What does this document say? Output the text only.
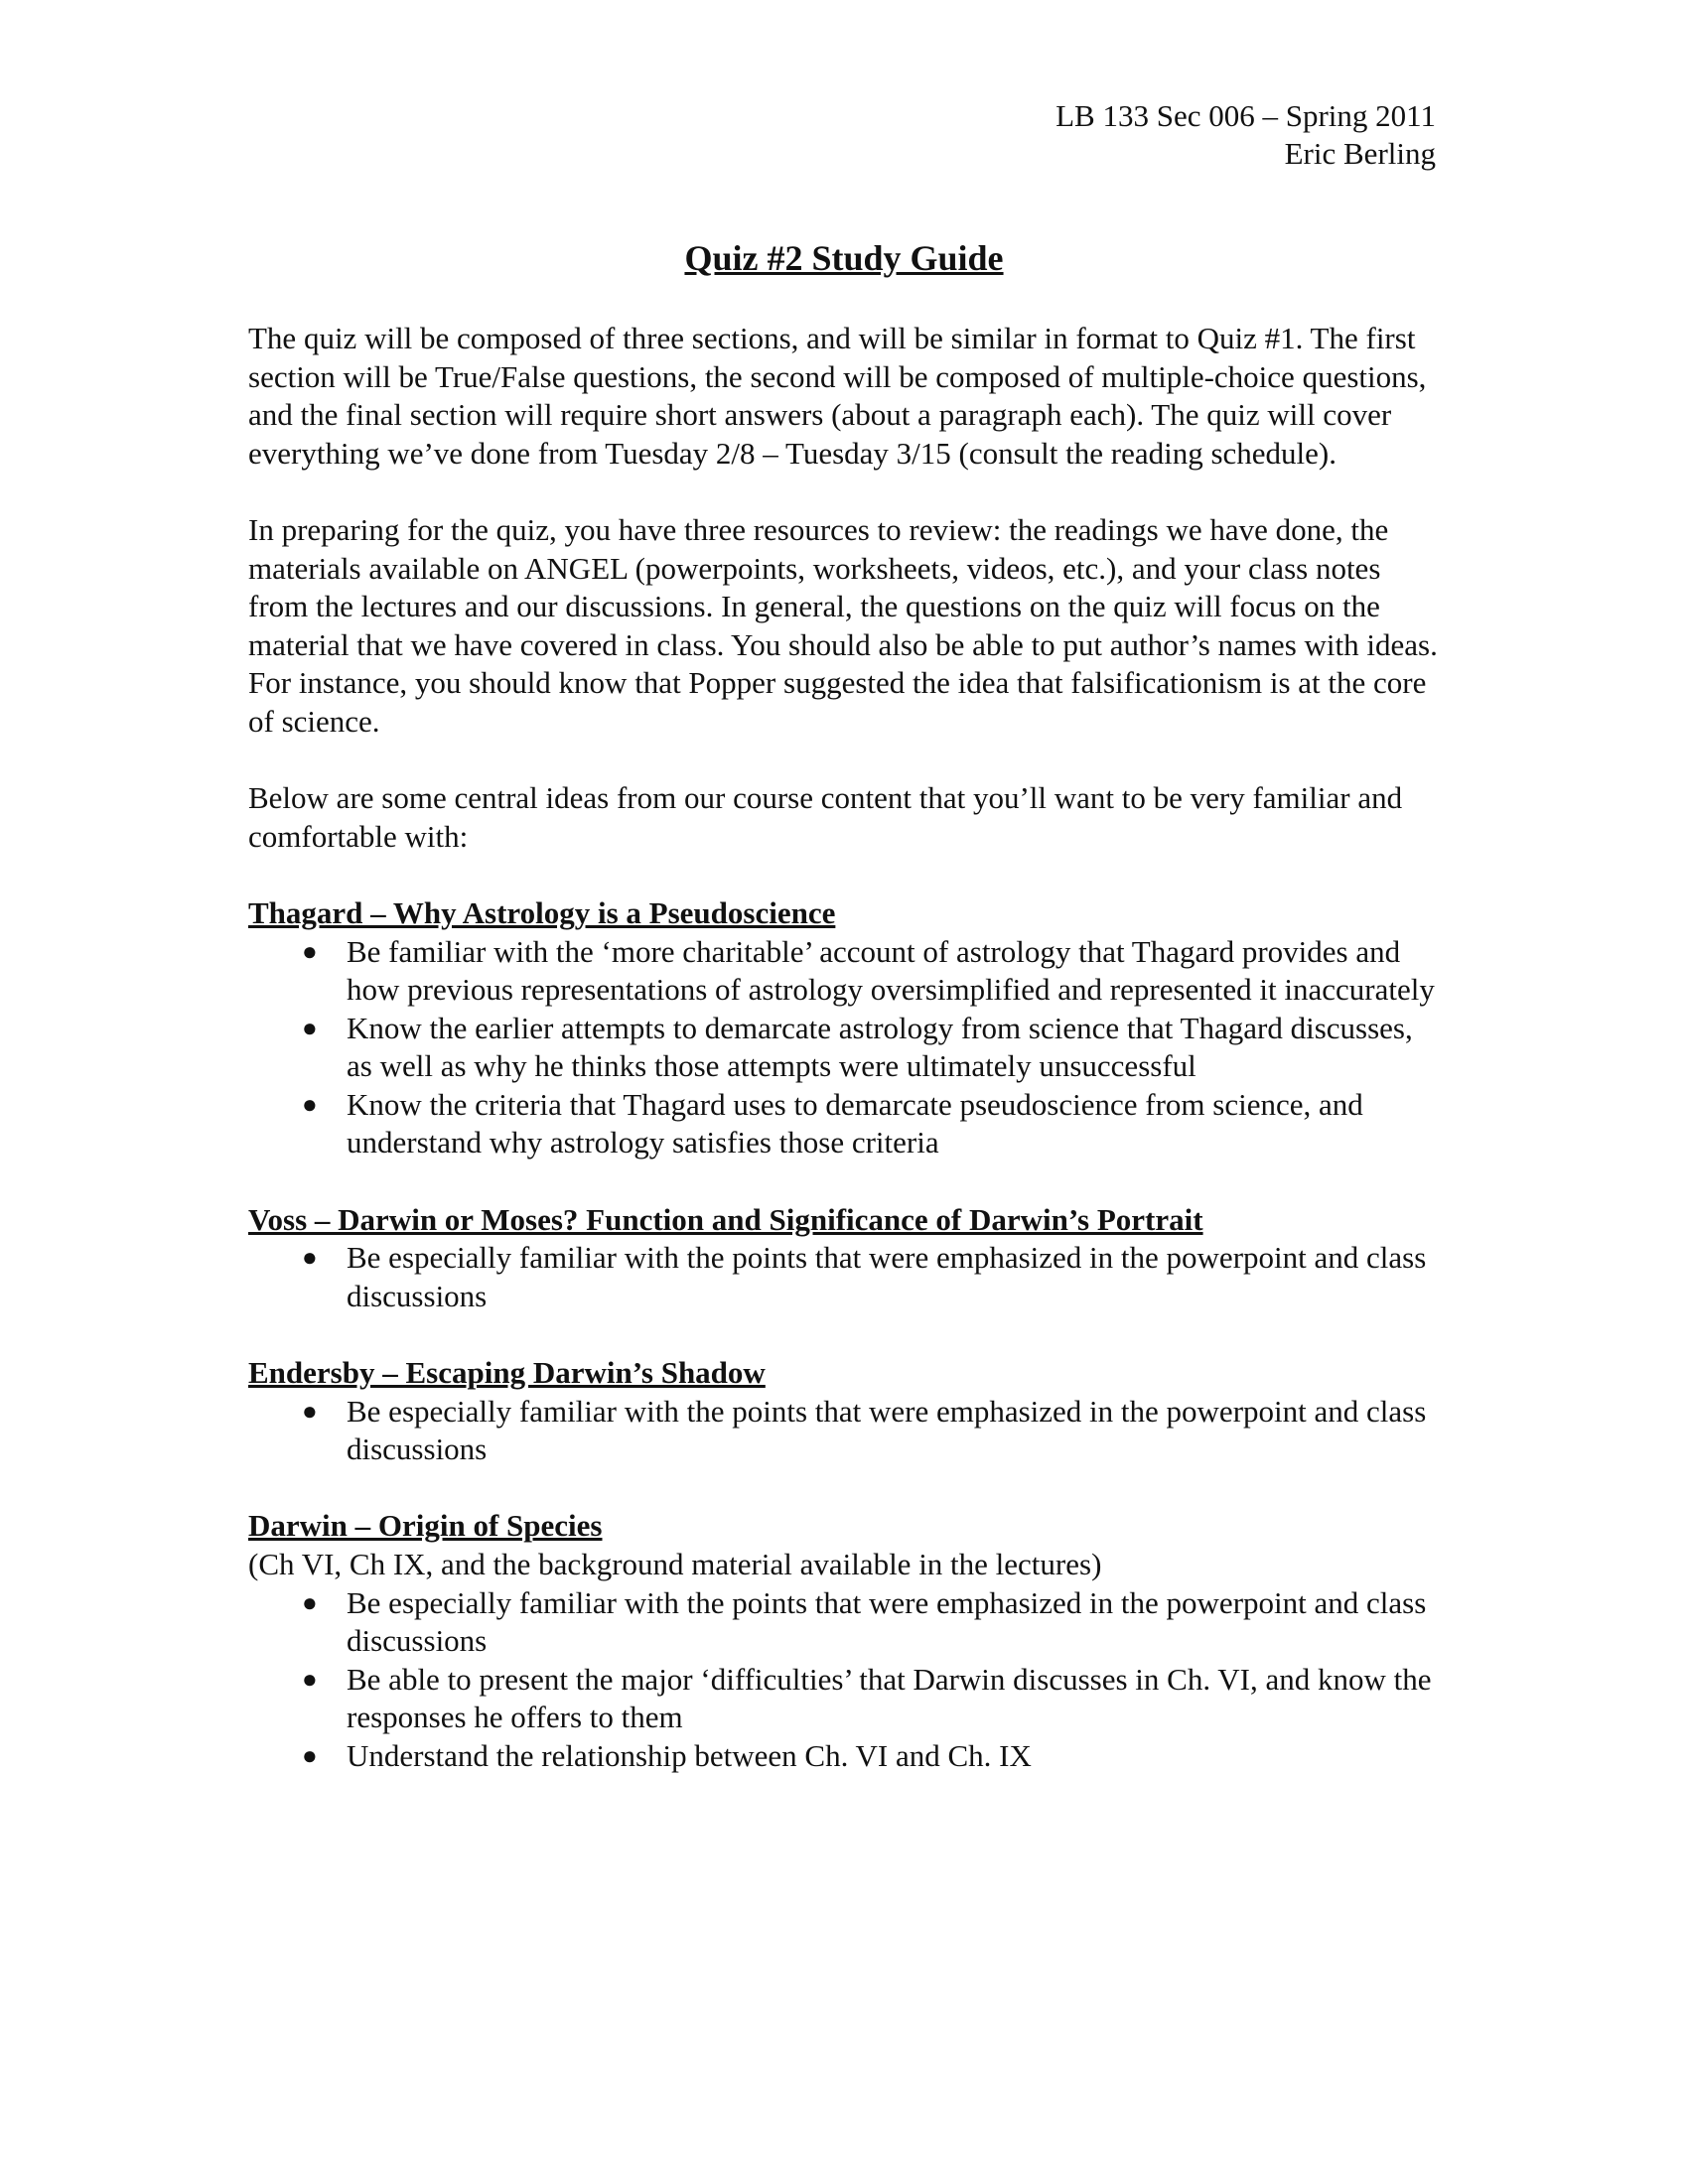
LB 133 Sec 006 – Spring 2011
Eric Berling
Quiz #2 Study Guide

The quiz will be composed of three sections, and will be similar in format to Quiz #1. The first section will be True/False questions, the second will be composed of multiple-choice questions, and the final section will require short answers (about a paragraph each). The quiz will cover everything we’ve done from Tuesday 2/8 – Tuesday 3/15 (consult the reading schedule).

In preparing for the quiz, you have three resources to review: the readings we have done, the materials available on ANGEL (powerpoints, worksheets, videos, etc.), and your class notes from the lectures and our discussions. In general, the questions on the quiz will focus on the material that we have covered in class. You should also be able to put author’s names with ideas. For instance, you should know that Popper suggested the idea that falsificationism is at the core of science.

Below are some central ideas from our course content that you’ll want to be very familiar and comfortable with:

Thagard – Why Astrology is a Pseudoscience
● Be familiar with the ‘more charitable’ account of astrology that Thagard provides and how previous representations of astrology oversimplified and represented it inaccurately
● Know the earlier attempts to demarcate astrology from science that Thagard discusses, as well as why he thinks those attempts were ultimately unsuccessful
● Know the criteria that Thagard uses to demarcate pseudoscience from science, and understand why astrology satisfies those criteria
Voss – Darwin or Moses? Function and Significance of Darwin’s Portrait
● Be especially familiar with the points that were emphasized in the powerpoint and class discussions
Endersby – Escaping Darwin’s Shadow
● Be especially familiar with the points that were emphasized in the powerpoint and class discussions
Darwin – Origin of Species
(Ch VI, Ch IX, and the background material available in the lectures)
● Be especially familiar with the points that were emphasized in the powerpoint and class discussions
● Be able to present the major ‘difficulties’ that Darwin discusses in Ch. VI, and know the responses he offers to them
● Understand the relationship between Ch. VI and Ch. IX
